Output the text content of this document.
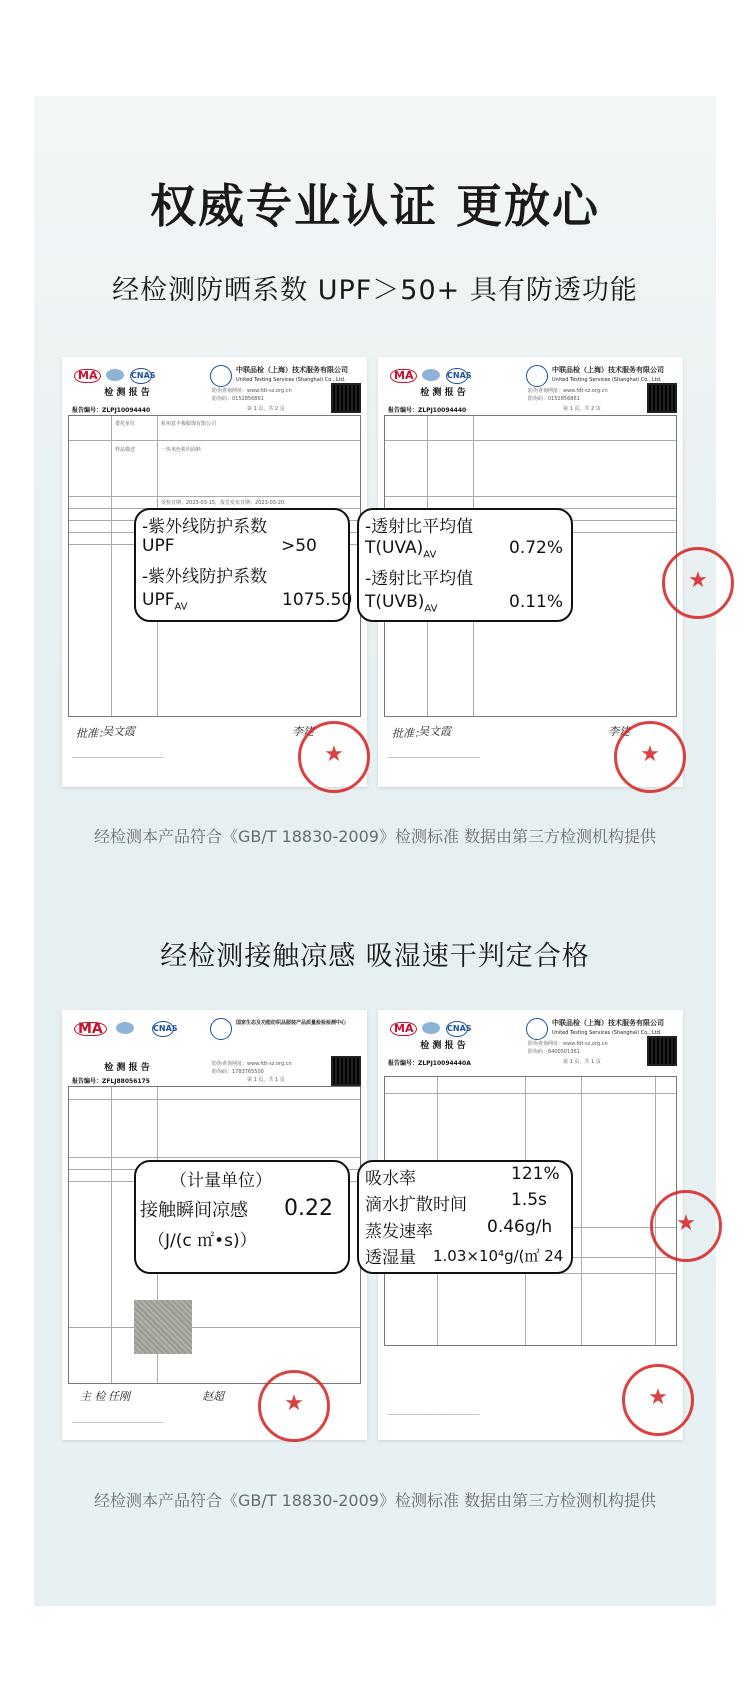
权威专业认证 更放心
经检测防晒系数 UPF＞50+ 具有防透功能
MA	CNAS
中联品检（上海）技术服务有限公司
United Testing Services (Shanghai) Co., Ltd.
检 测 报 告	防伪查询网址：www.fdt-sz.org.cn
防伪码：0152856861
报告编号：ZLPJ10094440	第 1 页，共 2 页
委托单位	杭州意丰极服饰有限公司
样品描述	一块米色机织面料
受检日期：2023-03-15，报告发布日期：2023-03-20
批准：
吴文霞	李建
★
──────────────────────────────────────
-紫外线防护系数
UPF	>50
-紫外线防护系数
$UPF_{AV}$	1075.50
MA	CNAS
中联品检（上海）技术服务有限公司
United Testing Services (Shanghai) Co., Ltd.
检 测 报 告	防伪查询网址：www.fdt-sz.org.cn
防伪码：0152856861
报告编号：ZLPJ10094440	第 1 页，共 2 页
批准：
吴文霞	李建
★
★
──────────────────────────────────────
-透射比平均值
$T(UVA)_{AV}$	0.72%
-透射比平均值
$T(UVB)_{AV}$	0.11%
经检测本产品符合《GB/T 18830-2009》检测标准 数据由第三方检测机构提供
经检测接触凉感 吸湿速干判定合格
MA	CNAS
国家生态及功能纺织品服装产品质量检验检测中心
检 测 报 告	防伪查询网址：www.fdt-sz.org.cn
防伪码：1783765500
报告编号：ZFLJ88056175	第 1 页，共 1 页
主 检 任刚	赵超	★
──────────────────────────────────────
（计量单位）
接触瞬间凉感 0.22
（J/(c ㎡•s)）
MA	CNAS
中联品检（上海）技术服务有限公司
United Testing Services (Shanghai) Co., Ltd.
检 测 报 告	防伪查询网址：www.fdt-sz.org.cn
防伪码：6400501361
报告编号：ZLPJ10094440A	第 1 页，共 1 页
★
★
──────────────────────────────────────
吸水率	121%
滴水扩散时间	1.5s
蒸发速率	0.46g/h
透湿量 1.03×10⁴g/(㎡ 24
经检测本产品符合《GB/T 18830-2009》检测标准 数据由第三方检测机构提供
